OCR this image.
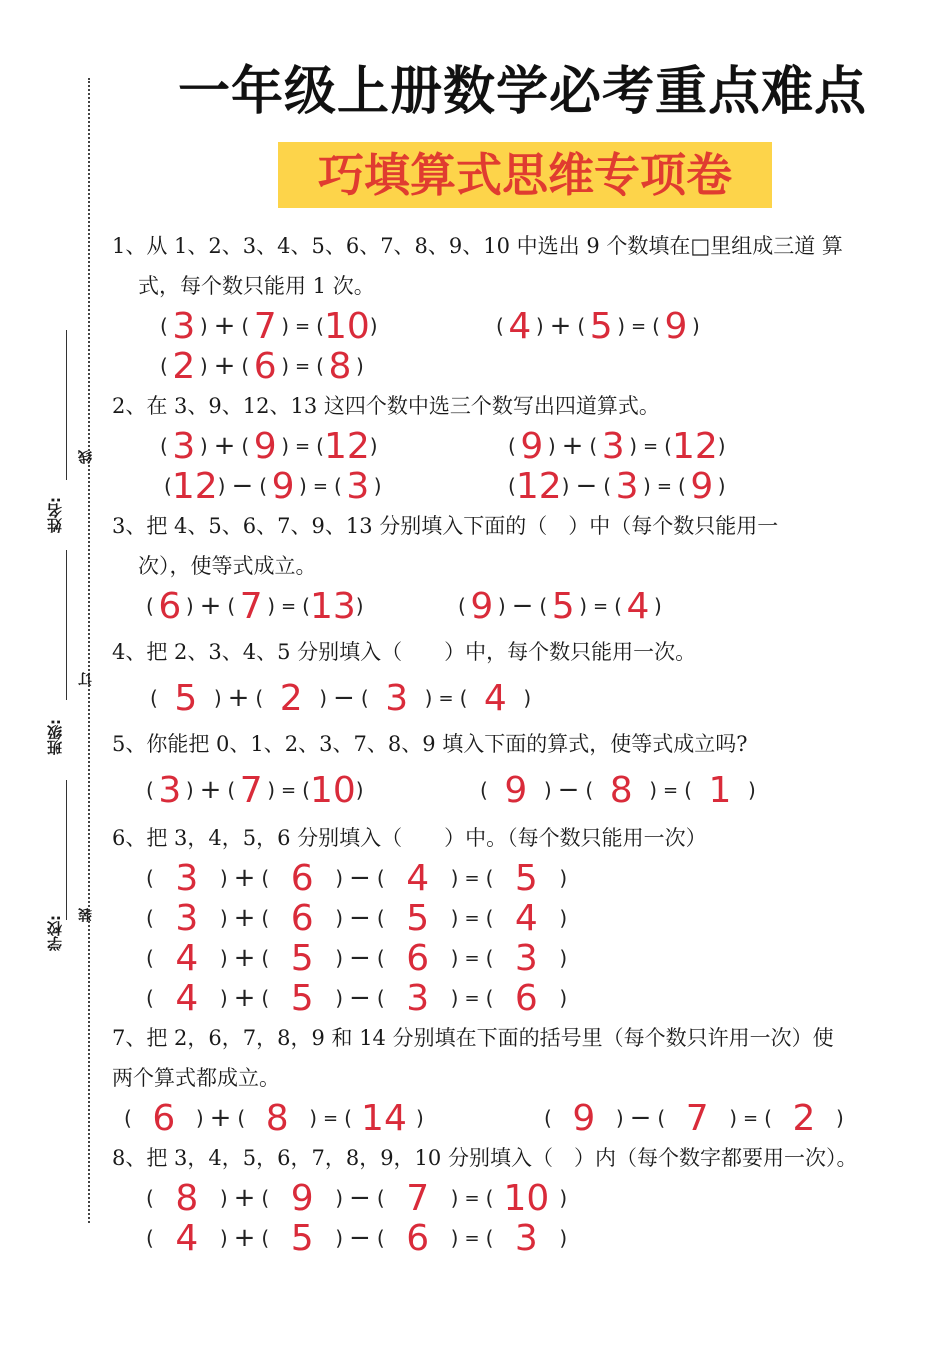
姓名:
线
班级:
订
学校:	装
一年级上册数学必考重点难点
巧填算式思维专项卷
1、从 1、2、3、4、5、6、7、8、9、10 中选出 9 个数填在□里组成三道 算
式，每个数只能用 1 次。
( 3 ) + ( 7 ) = ( 10 )	( 4 ) + ( 5 ) = ( 9 )
( 2 ) + ( 6 ) = ( 8 )
2、在 3、9、12、13 这四个数中选三个数写出四道算式。
( 3 ) + ( 9 ) = ( 12 )	( 9 ) + ( 3 ) = ( 12 )
( 12 ) − ( 9 ) = ( 3 )	( 12 ) − ( 3 ) = ( 9 )
3、把 4、5、6、7、9、13 分别填入下面的（　）中（每个数只能用一
次），使等式成立。
( 6 ) + ( 7 ) = ( 13 )	( 9 ) − ( 5 ) = ( 4 )
4、把 2、3、4、5 分别填入（　　）中，每个数只能用一次。
( 5 ) + ( 2 ) − ( 3 ) = ( 4 )
5、你能把 0、1、2、3、7、8、9 填入下面的算式，使等式成立吗?
( 3 ) + ( 7 ) = ( 10 )	( 9 ) − ( 8 ) = ( 1 )
6、把 3，4，5，6 分别填入（　　）中。（每个数只能用一次）
( 3	) + ( 6	) − ( 4	) = ( 5	)
( 3	) + ( 6	) − ( 5	) = ( 4	)
( 4	) + ( 5	) − ( 6	) = ( 3	)
( 4	) + ( 5	) − ( 3	) = ( 6	)
7、把 2，6，7，8，9 和 14 分别填在下面的括号里（每个数只许用一次）使
两个算式都成立。
( 6	) + ( 8	) = ( 14 )	( 9	) − ( 7	) = ( 2	)
8、把 3，4，5，6，7，8，9，10 分别填入（　）内（每个数字都要用一次）。
( 8	) + ( 9	) − ( 7	) = ( 10 )
( 4	) + ( 5	) − ( 6	) = ( 3	)
